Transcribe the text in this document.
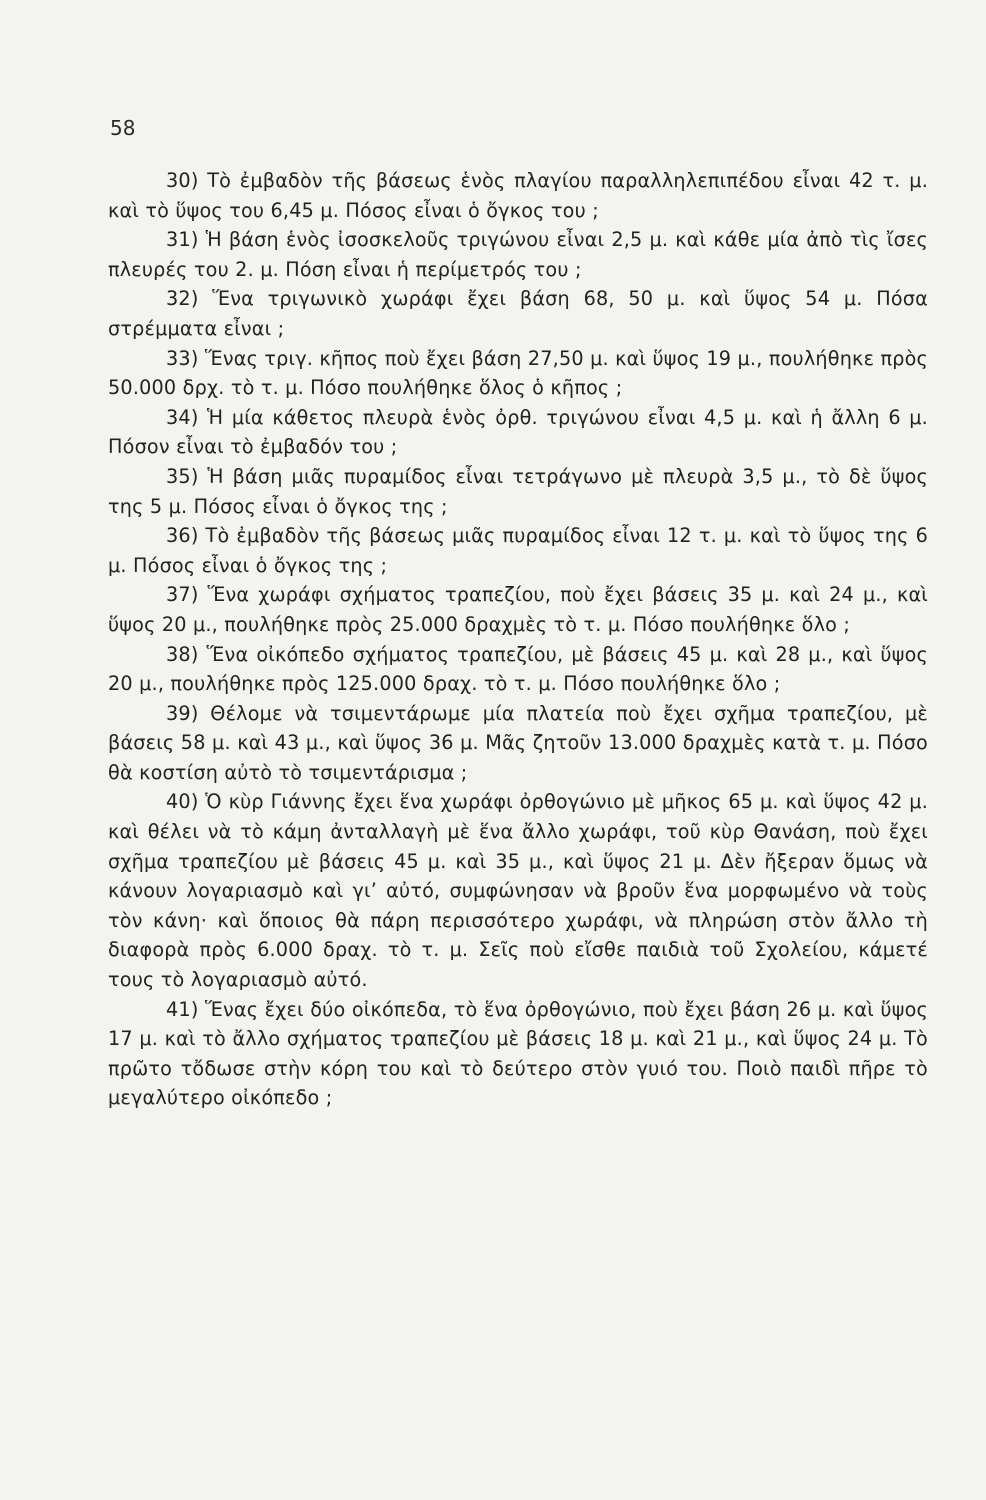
58

30) Τὸ ἐμβαδὸν τῆς βάσεως ἑνὸς πλαγίου παραλληλεπιπέδου εἶναι 42 τ. μ. καὶ τὸ ὕψος του 6,45 μ. Πόσος εἶναι ὁ ὄγκος του ;

31) Ἡ βάση ἑνὸς ἰσοσκελοῦς τριγώνου εἶναι 2,5 μ. καὶ κάθε μία ἀπὸ τὶς ἴσες πλευρές του 2. μ. Πόση εἶναι ἡ περίμετρός του ;

32) Ἕνα τριγωνικὸ χωράφι ἔχει βάση 68, 50 μ. καὶ ὕψος 54 μ. Πόσα στρέμματα εἶναι ;

33) Ἕνας τριγ. κῆπος ποὺ ἔχει βάση 27,50 μ. καὶ ὕψος 19 μ., πουλήθηκε πρὸς 50.000 δρχ. τὸ τ. μ. Πόσο πουλήθηκε ὅλος ὁ κῆπος ;

34) Ἡ μία κάθετος πλευρὰ ἑνὸς ὀρθ. τριγώνου εἶναι 4,5 μ. καὶ ἡ ἄλλη 6 μ. Πόσον εἶναι τὸ ἐμβαδόν του ;

35) Ἡ βάση μιᾶς πυραμίδος εἶναι τετράγωνο μὲ πλευρὰ 3,5 μ., τὸ δὲ ὕψος της 5 μ. Πόσος εἶναι ὁ ὄγκος της ;

36) Τὸ ἐμβαδὸν τῆς βάσεως μιᾶς πυραμίδος εἶναι 12 τ. μ. καὶ τὸ ὕψος της 6 μ. Πόσος εἶναι ὁ ὄγκος της ;

37) Ἕνα χωράφι σχήματος τραπεζίου, ποὺ ἔχει βάσεις 35 μ. καὶ 24 μ., καὶ ὕψος 20 μ., πουλήθηκε πρὸς 25.000 δραχμὲς τὸ τ. μ. Πόσο πουλήθηκε ὅλο ;

38) Ἕνα οἰκόπεδο σχήματος τραπεζίου, μὲ βάσεις 45 μ. καὶ 28 μ., καὶ ὕψος 20 μ., πουλήθηκε πρὸς 125.000 δραχ. τὸ τ. μ. Πόσο πουλήθηκε ὅλο ;

39) Θέλομε νὰ τσιμεντάρωμε μία πλατεία ποὺ ἔχει σχῆμα τραπεζίου, μὲ βάσεις 58 μ. καὶ 43 μ., καὶ ὕψος 36 μ. Μᾶς ζητοῦν 13.000 δραχμὲς κατὰ τ. μ. Πόσο θὰ κοστίση αὐτὸ τὸ τσιμεντάρισμα ;

40) Ὁ κὺρ Γιάννης ἔχει ἕνα χωράφι ὀρθογώνιο μὲ μῆκος 65 μ. καὶ ὕψος 42 μ. καὶ θέλει νὰ τὸ κάμη ἀνταλλαγὴ μὲ ἕνα ἄλλο χωράφι, τοῦ κὺρ Θανάση, ποὺ ἔχει σχῆμα τραπεζίου μὲ βάσεις 45 μ. καὶ 35 μ., καὶ ὕψος 21 μ. Δὲν ἤξεραν ὅμως νὰ κάνουν λογαριασμὸ καὶ γι’ αὐτό, συμφώνησαν νὰ βροῦν ἕνα μορφωμένο νὰ τοὺς τὸν κάνη· καὶ ὅποιος θὰ πάρη περισσότερο χωράφι, νὰ πληρώση στὸν ἄλλο τὴ διαφορὰ πρὸς 6.000 δραχ. τὸ τ. μ. Σεῖς ποὺ εἴσθε παιδιὰ τοῦ Σχολείου, κάμετέ τους τὸ λογαριασμὸ αὐτό.

41) Ἕνας ἔχει δύο οἰκόπεδα, τὸ ἕνα ὀρθογώνιο, ποὺ ἔχει βάση 26 μ. καὶ ὕψος 17 μ. καὶ τὸ ἄλλο σχήματος τραπεζίου μὲ βάσεις 18 μ. καὶ 21 μ., καὶ ὕψος 24 μ. Τὸ πρῶτο τὄδωσε στὴν κόρη του καὶ τὸ δεύτερο στὸν γυιό του. Ποιὸ παιδὶ πῆρε τὸ μεγαλύτερο οἰκόπεδο ;
